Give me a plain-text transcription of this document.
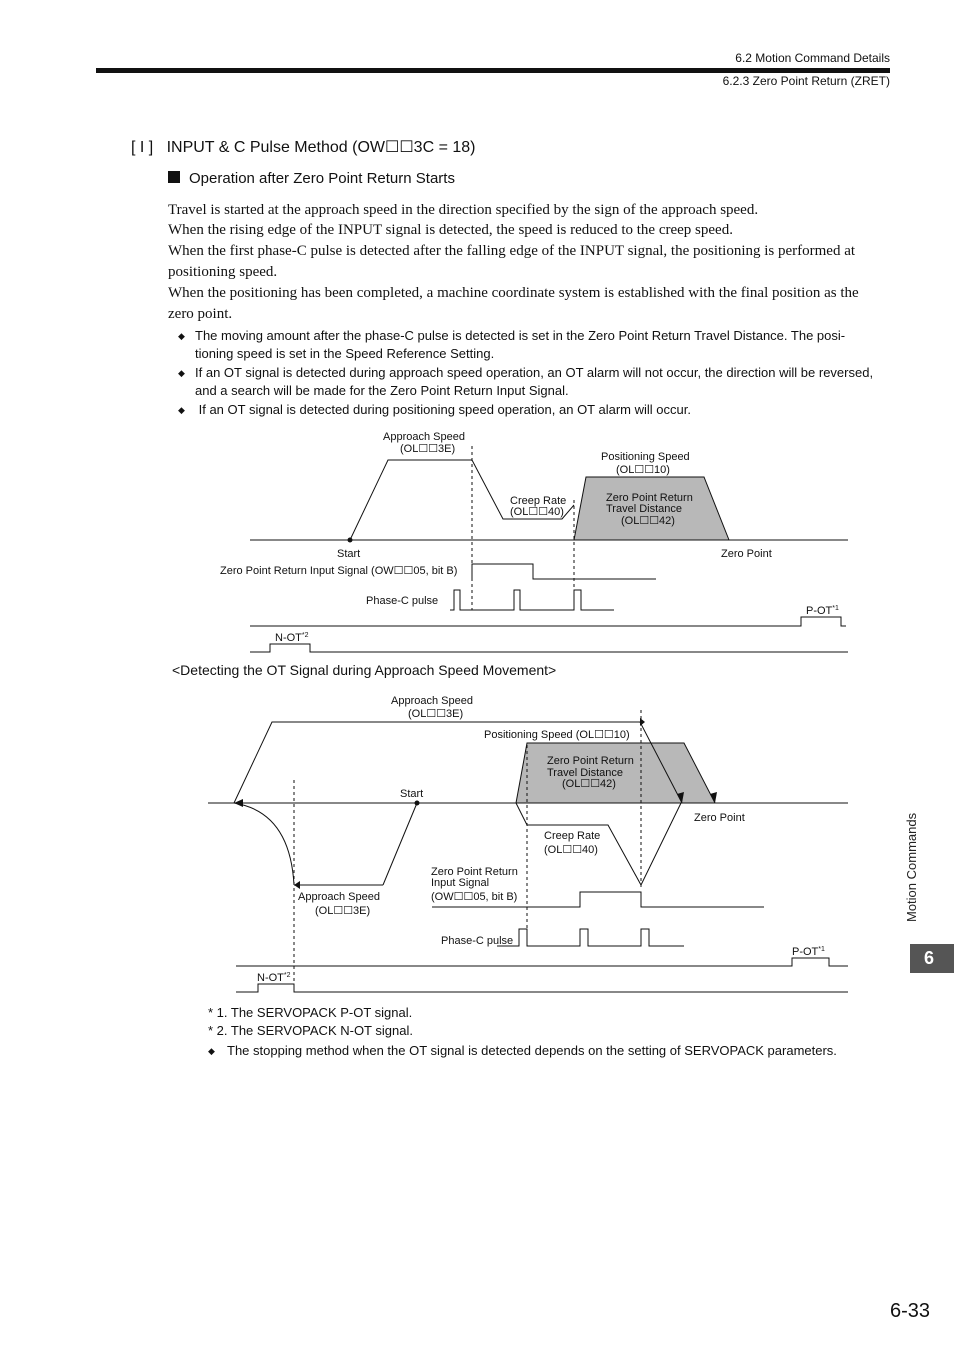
6.2 Motion Command Details
6.2.3 Zero Point Return (ZRET)
[ I ]   INPUT & C Pulse Method (OW☐☐3C = 18)
Operation after Zero Point Return Starts
Travel is started at the approach speed in the direction specified by the sign of the approach speed.
When the rising edge of the INPUT signal is detected, the speed is reduced to the creep speed.
When the first phase-C pulse is detected after the falling edge of the INPUT signal, the positioning is performed at positioning speed.
When the positioning has been completed, a machine coordinate system is established with the final position as the zero point.
◆ The moving amount after the phase-C pulse is detected is set in the Zero Point Return Travel Distance. The posi-tioning speed is set in the Speed Reference Setting.
◆ If an OT signal is detected during approach speed operation, an OT alarm will not occur, the direction will be reversed, and a search will be made for the Zero Point Return Input Signal.
◆ If an OT signal is detected during positioning speed operation, an OT alarm will occur.
Approach Speed
(OL☐☐3E)
Positioning Speed
(OL☐☐10)
Creep Rate
(OL☐☐40)
Zero Point Return
Travel Distance
(OL☐☐42)
Start	Zero Point
Zero Point Return Input Signal (OW☐☐05, bit B)
Phase-C pulse
P-OT$^{*1}$
N-OT$^{*2}$
Approach Speed
(OL☐☐3E)
Positioning Speed (OL☐☐10)
Zero Point Return
Travel Distance
(OL☐☐42)
Start
Zero Point
Creep Rate
(OL☐☐40)
Zero Point Return
Input Signal
(OW☐☐05, bit B)
Approach Speed
(OL☐☐3E)
Phase-C pulse
P-OT$^{*1}$
$N-OT^{*2}$
<Detecting the OT Signal during Approach Speed Movement>
* 1. The SERVOPACK P-OT signal.
* 2. The SERVOPACK N-OT signal.
◆ The stopping method when the OT signal is detected depends on the setting of SERVOPACK parameters.
Motion Commands
6
6-33
